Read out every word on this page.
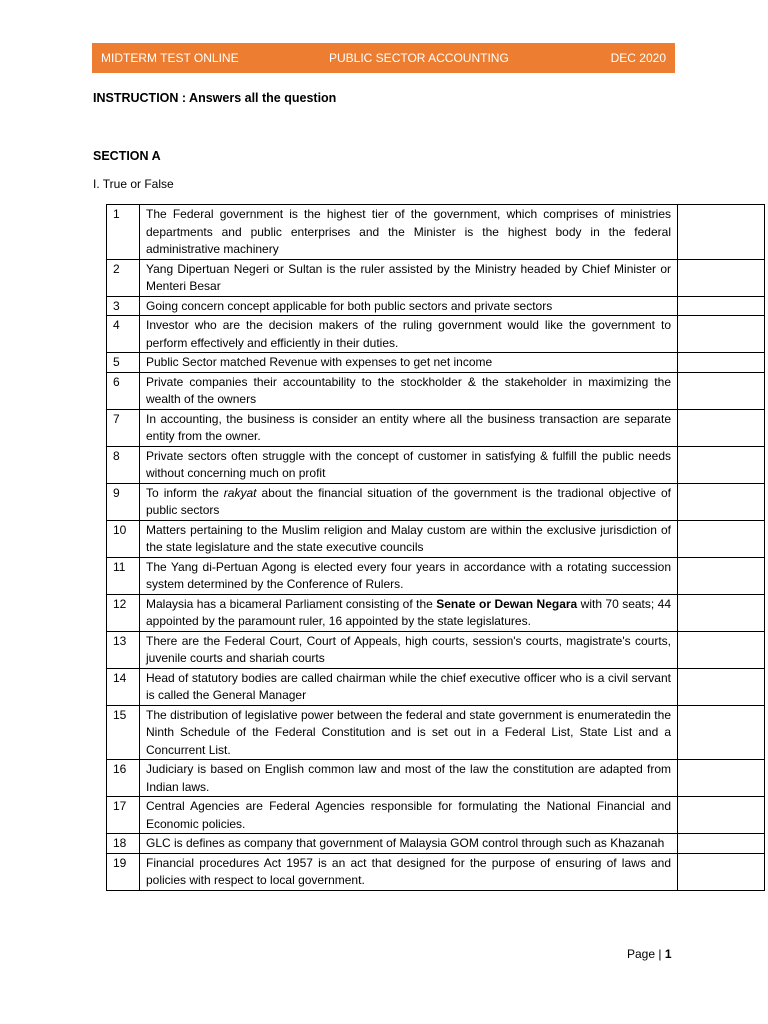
MIDTERM TEST ONLINE	PUBLIC SECTOR ACCOUNTING	DEC 2020
INSTRUCTION : Answers all the question
SECTION A
I. True or False
1	The Federal government is the highest tier of the government, which comprises of ministries departments and public enterprises and the Minister is the highest body in the federal administrative machinery	
2	Yang Dipertuan Negeri or Sultan is the ruler assisted by the Ministry headed by Chief Minister or Menteri Besar	
3	Going concern concept applicable for both public sectors and private sectors	
4	Investor who are the decision makers of the ruling government would like the government to perform effectively and efficiently in their duties.	
5	Public Sector matched Revenue with expenses to get net income	
6	Private companies their accountability to the stockholder & the stakeholder in maximizing the wealth of the owners	
7	In accounting, the business is consider an entity where all the business transaction are separate entity from the owner.	
8	Private sectors often struggle with the concept of customer in satisfying & fulfill the public needs without concerning much on profit	
9	To inform the rakyat about the financial situation of the government is the tradional objective of public sectors	
10	Matters pertaining to the Muslim religion and Malay custom are within the exclusive jurisdiction of the state legislature and the state executive councils	
11	The Yang di-Pertuan Agong is elected every four years in accordance with a rotating succession system determined by the Conference of Rulers.	
12	Malaysia has a bicameral Parliament consisting of the Senate or Dewan Negara with 70 seats; 44 appointed by the paramount ruler, 16 appointed by the state legislatures.	
13	There are the Federal Court, Court of Appeals, high courts, session's courts, magistrate's courts, juvenile courts and shariah courts	
14	Head of statutory bodies are called chairman while the chief executive officer who is a civil servant is called the General Manager	
15	The distribution of legislative power between the federal and state government is enumeratedin the Ninth Schedule of the Federal Constitution and is set out in a Federal List, State List and a Concurrent List.	
16	Judiciary is based on English common law and most of the law the constitution are adapted from Indian laws.	
17	Central Agencies are Federal Agencies responsible for formulating the National Financial and Economic policies.	
18	GLC is defines as company that government of Malaysia GOM control through such as Khazanah	
19	Financial procedures Act 1957 is an act that designed for the purpose of ensuring of laws and policies with respect to local government.	
Page | 1
